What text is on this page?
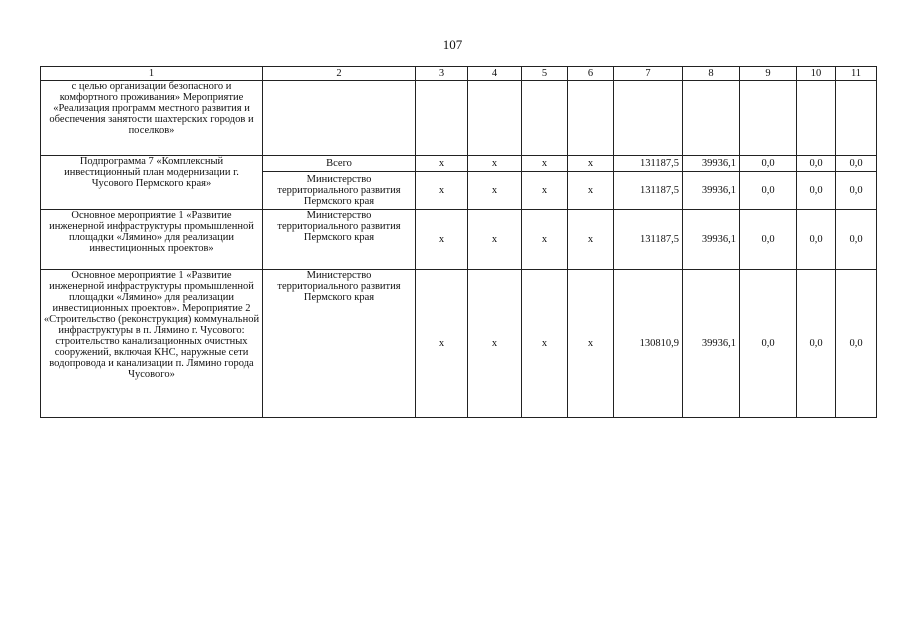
107
1	2	3	4	5	6	7	8	9	10	11
с целью организации безопасного и комфортного проживания» Мероприятие «Реализация программ местного развития и обеспечения занятости шахтерских городов и поселков»										
Подпрограмма 7 «Комплексный инвестиционный план модернизации г. Чусового Пермского края»	Всего	x	x	x	x	131187,5	39936,1	0,0	0,0	0,0
	Министерство территориального развития Пермского края	x	x	x	x	131187,5	39936,1	0,0	0,0	0,0
Основное мероприятие 1 «Развитие инженерной инфраструктуры промышленной площадки «Лямино» для реализации инвестиционных проектов»	Министерство территориального развития Пермского края	x	x	x	x	131187,5	39936,1	0,0	0,0	0,0
Основное мероприятие 1 «Развитие инженерной инфраструктуры промышленной площадки «Лямино» для реализации инвестиционных проектов». Мероприятие 2 «Строительство (реконструкция) коммунальной инфраструктуры в п. Лямино г. Чусового: строительство канализационных очистных сооружений, включая КНС, наружные сети водопровода и канализации п. Лямино города Чусового»	Министерство территориального развития Пермского края	x	x	x	x	130810,9	39936,1	0,0	0,0	0,0
